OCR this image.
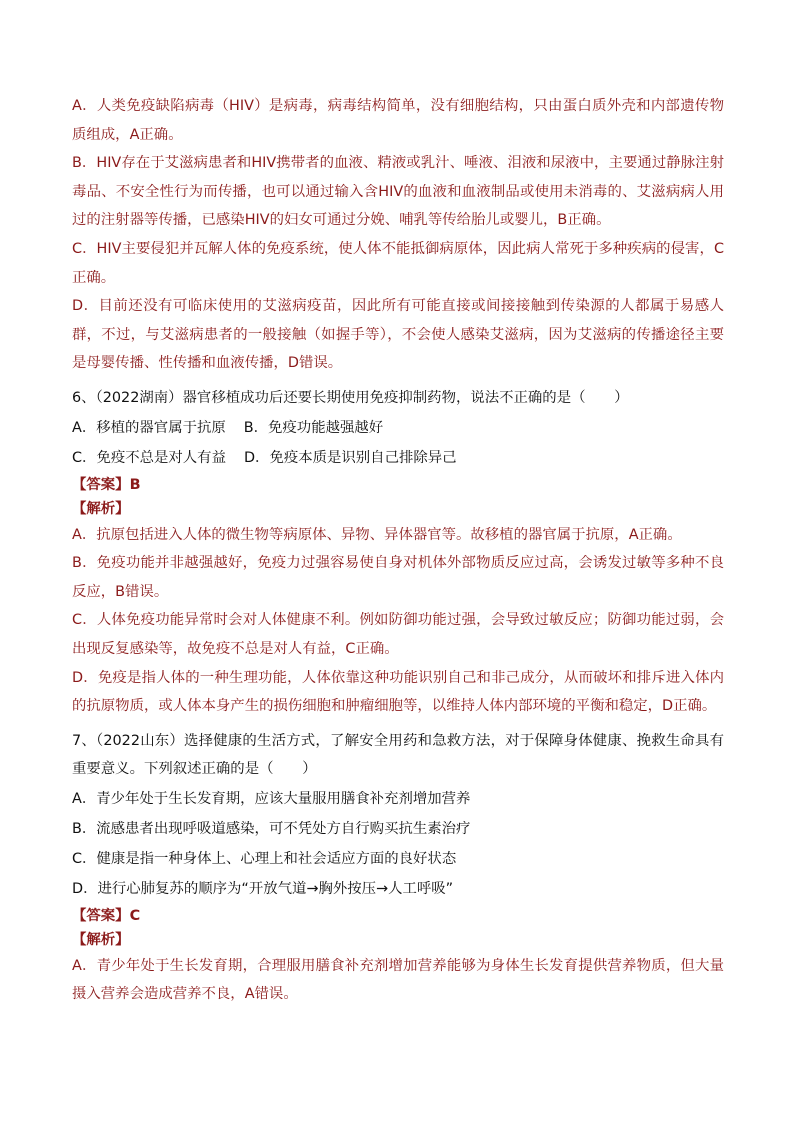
A．人类免疫缺陷病毒（HIV）是病毒，病毒结构简单，没有细胞结构，只由蛋白质外壳和内部遗传物质组成，A正确。

B．HIV存在于艾滋病患者和HIV携带者的血液、精液或乳汁、唾液、泪液和尿液中，主要通过静脉注射毒品、不安全性行为而传播，也可以通过输入含HIV的血液和血液制品或使用未消毒的、艾滋病病人用过的注射器等传播，已感染HIV的妇女可通过分娩、哺乳等传给胎儿或婴儿，B正确。

C．HIV主要侵犯并瓦解人体的免疫系统，使人体不能抵御病原体，因此病人常死于多种疾病的侵害，C正确。

D．目前还没有可临床使用的艾滋病疫苗，因此所有可能直接或间接接触到传染源的人都属于易感人群，不过，与艾滋病患者的一般接触（如握手等），不会使人感染艾滋病，因为艾滋病的传播途径主要是母婴传播、性传播和血液传播，D错误。

6、（2022湖南）器官移植成功后还要长期使用免疫抑制药物，说法不正确的是（　　）

A．移植的器官属于抗原 B．免疫功能越强越好

C．免疫不总是对人有益 D．免疫本质是识别自己排除异己

【答案】B

【解析】

A．抗原包括进入人体的微生物等病原体、异物、异体器官等。故移植的器官属于抗原，A正确。

B．免疫功能并非越强越好，免疫力过强容易使自身对机体外部物质反应过高，会诱发过敏等多种不良反应，B错误。

C．人体免疫功能异常时会对人体健康不利。例如防御功能过强，会导致过敏反应；防御功能过弱，会出现反复感染等，故免疫不总是对人有益，C正确。

D．免疫是指人体的一种生理功能，人体依靠这种功能识别自己和非己成分，从而破坏和排斥进入体内的抗原物质，或人体本身产生的损伤细胞和肿瘤细胞等，以维持人体内部环境的平衡和稳定，D正确。

7、（2022山东）选择健康的生活方式，了解安全用药和急救方法，对于保障身体健康、挽救生命具有重要意义。下列叙述正确的是（　　）

A．青少年处于生长发育期，应该大量服用膳食补充剂增加营养

B．流感患者出现呼吸道感染，可不凭处方自行购买抗生素治疗

C．健康是指一种身体上、心理上和社会适应方面的良好状态

D．进行心肺复苏的顺序为“开放气道→胸外按压→人工呼吸”

【答案】C

【解析】

A．青少年处于生长发育期，合理服用膳食补充剂增加营养能够为身体生长发育提供营养物质，但大量摄入营养会造成营养不良，A错误。
